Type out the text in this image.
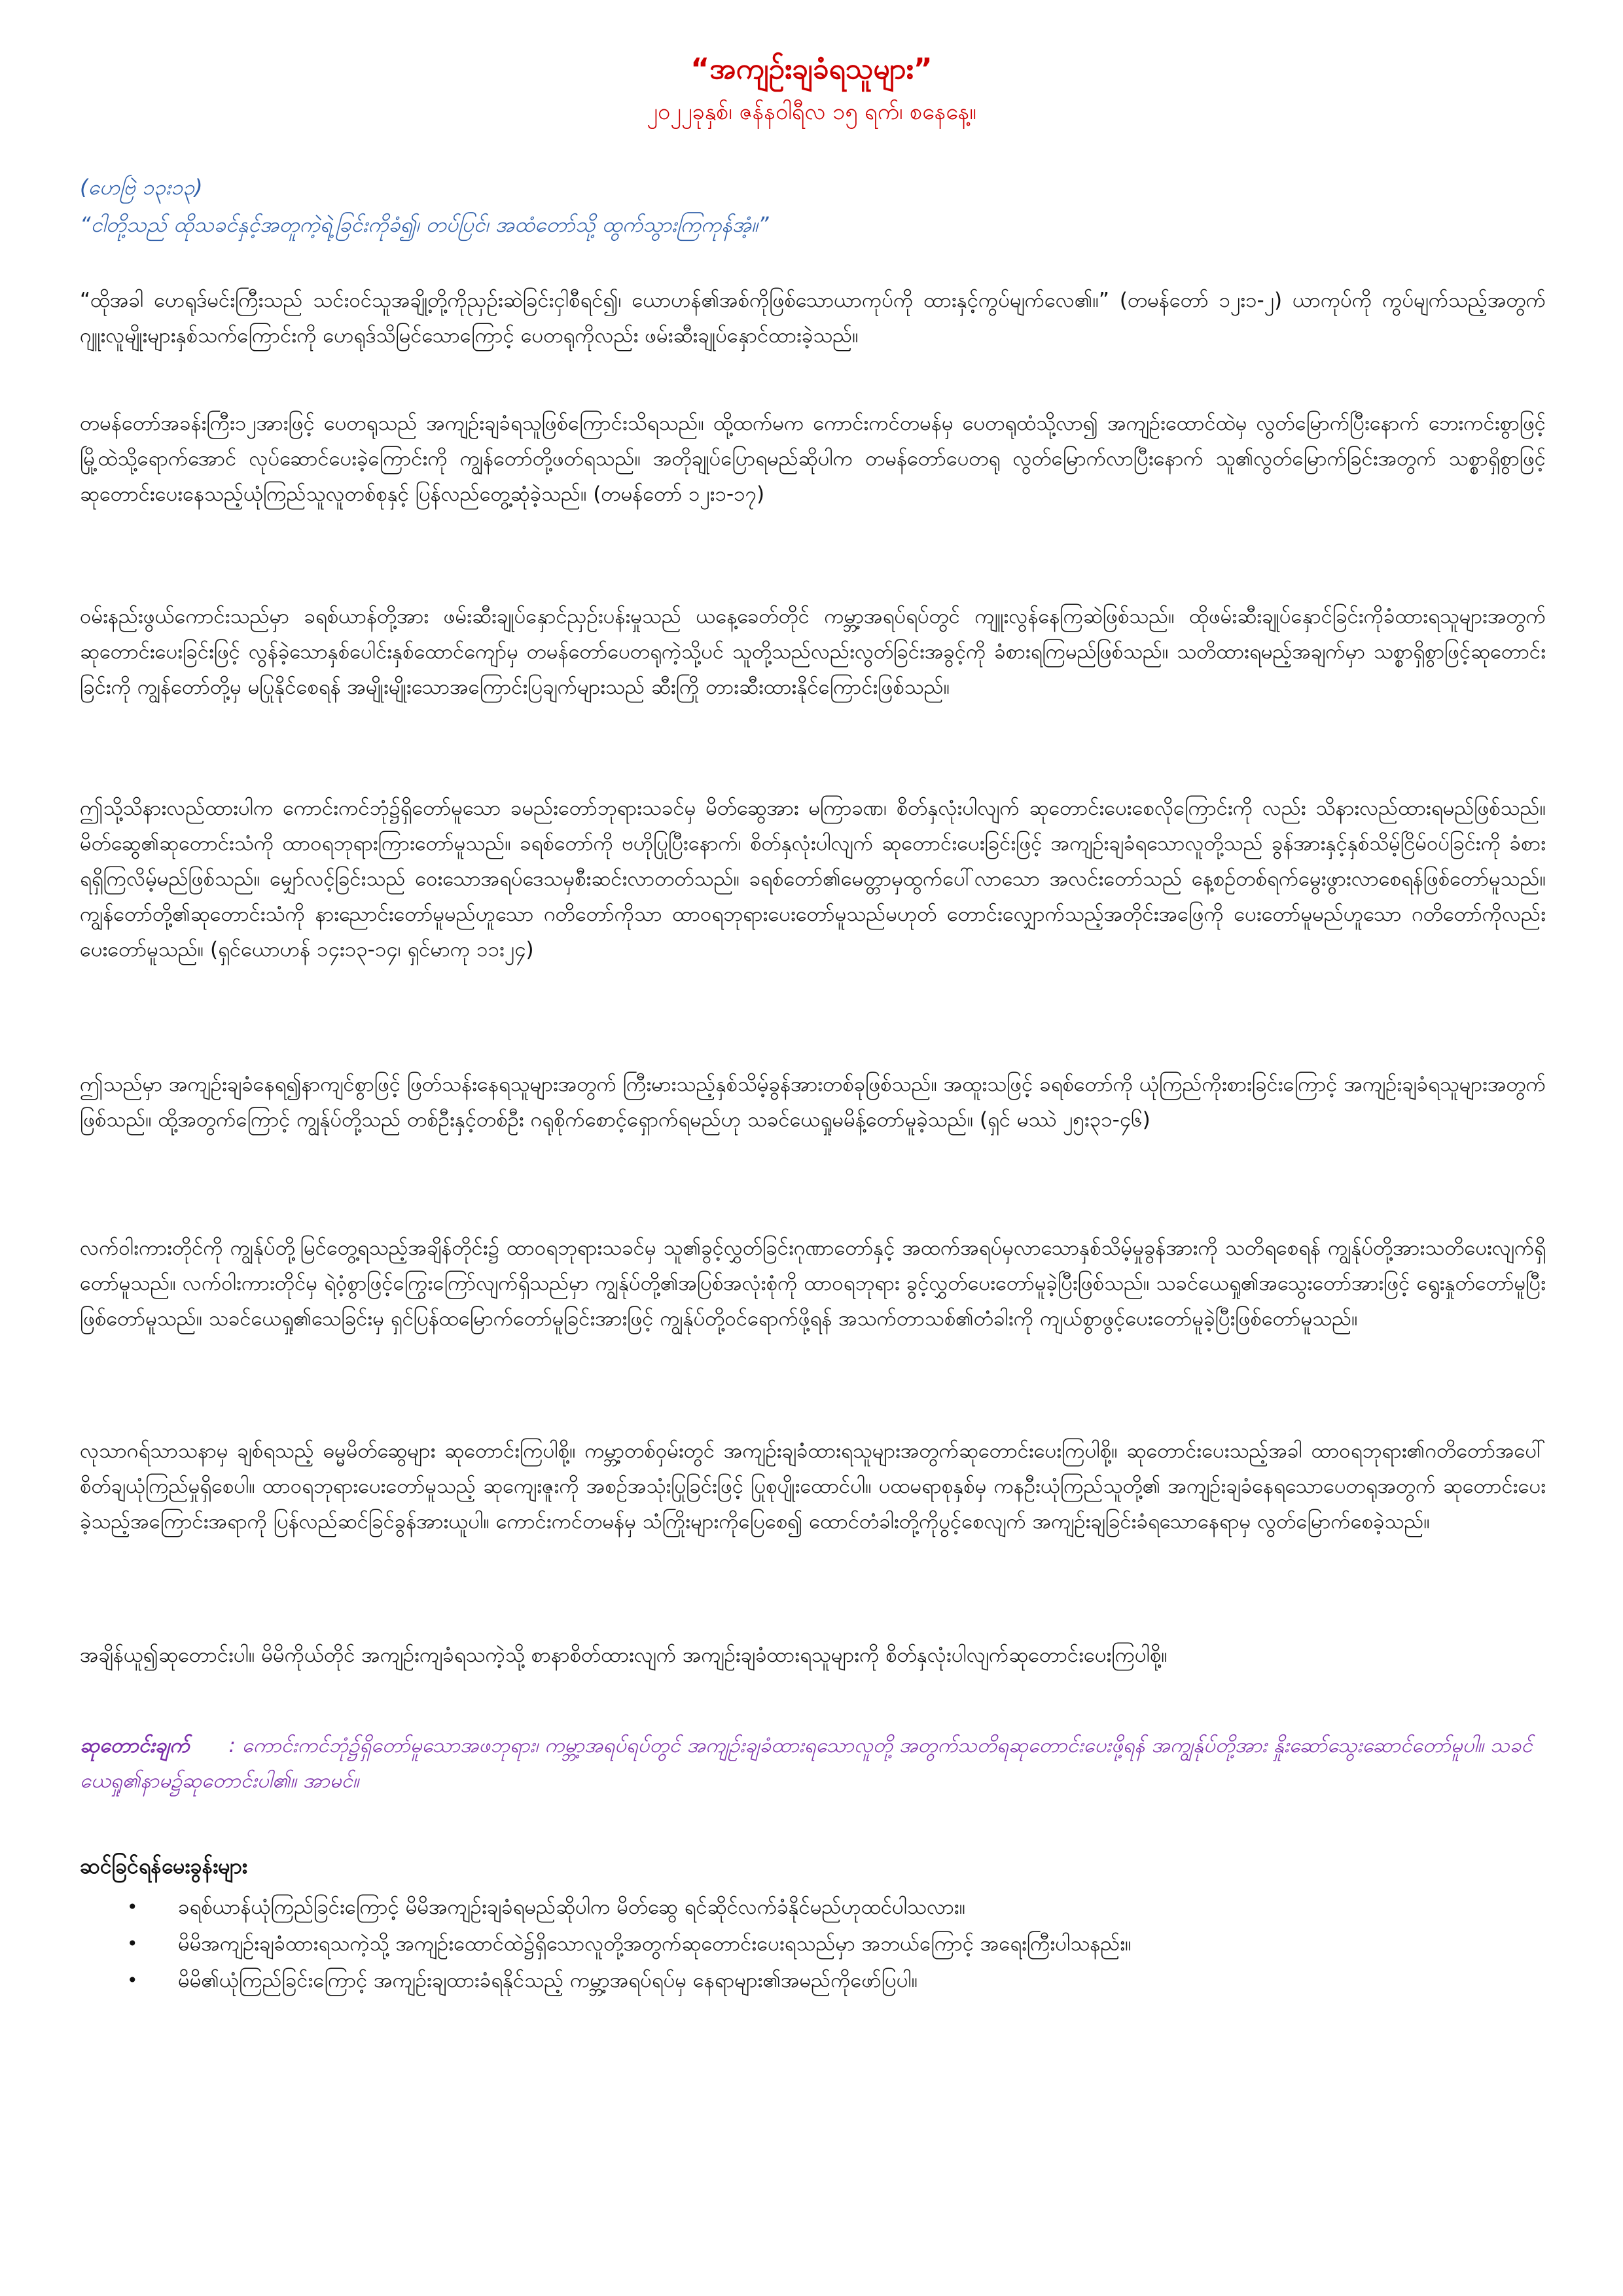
“အကျဉ်းချခံရသူများ”
၂၀၂၂ခုနှစ်၊ ဇန်နဝါရီလ ၁၅ ရက်၊ စနေနေ့။
(ဟေဗြဲ ၁၃း၁၃)
“ငါတို့သည် ထိုသခင်နှင့်အတူကဲ့ရဲ့ခြင်းကိုခံ၍၊ တပ်ပြင်၊ အထံတော်သို့ ထွက်သွားကြကုန်အံ့။”

“ထိုအခါ ဟေရုဒ်မင်းကြီးသည် သင်းဝင်သူအချို့တို့ကိုညှဉ်းဆဲခြင်းငှါစီရင်၍၊ ယောဟန်၏အစ်ကိုဖြစ်သောယာကုပ်ကို ထားနှင့်ကွပ်မျက်လေ၏။” (တမန်တော် ၁၂း၁-၂) ယာကုပ်ကို ကွပ်မျက်သည့်အတွက် ဂျူးလူမျိုးများနှစ်သက်ကြောင်းကို ဟေရုဒ်သိမြင်သောကြောင့် ပေတရုကိုလည်း ဖမ်းဆီးချုပ်နှောင်ထားခဲ့သည်။

တမန်တော်အခန်းကြီး၁၂အားဖြင့် ပေတရုသည် အကျဉ်းချခံရသူဖြစ်ကြောင်းသိရသည်။ ထို့ထက်မက ကောင်းကင်တမန်မှ ပေတရုထံသို့လာ၍ အကျဉ်းထောင်ထဲမှ လွတ်မြောက်ပြီးနောက် ဘေးကင်းစွာဖြင့် မြို့ထဲသို့ရောက်အောင် လုပ်ဆောင်ပေးခဲ့ကြောင်းကို ကျွန်တော်တို့ဖတ်ရသည်။ အတိုချုပ်ပြောရမည်ဆိုပါက တမန်တော်ပေတရု လွတ်မြောက်လာပြီးနောက် သူ၏လွတ်မြောက်ခြင်းအတွက် သစ္စာရှိစွာဖြင့်ဆုတောင်းပေးနေသည့်ယုံကြည်သူလူတစ်စုနှင့် ပြန်လည်တွေ့ဆုံခဲ့သည်။ (တမန်တော် ၁၂း၁-၁၇)

ဝမ်းနည်းဖွယ်ကောင်းသည်မှာ ခရစ်ယာန်တို့အား ဖမ်းဆီးချုပ်နှောင်ညှဉ်းပန်းမှုသည် ယနေ့ခေတ်တိုင် ကမ္ဘာ့အရပ်ရပ်တွင် ကျူးလွန်နေကြဆဲဖြစ်သည်။ ထိုဖမ်းဆီးချုပ်နှောင်ခြင်းကိုခံထားရသူများအတွက် ဆုတောင်းပေးခြင်းဖြင့် လွန်ခဲ့သောနှစ်ပေါင်းနှစ်ထောင်ကျော်မှ တမန်တော်ပေတရုကဲ့သို့ပင် သူတို့သည်လည်းလွတ်ခြင်းအခွင့်ကို ခံစားရကြမည်ဖြစ်သည်။ သတိထားရမည့်အချက်မှာ သစ္စာရှိစွာဖြင့်ဆုတောင်းခြင်းကို ကျွန်တော်တို့မှ မပြုနိုင်စေရန် အမျိုးမျိုးသောအကြောင်းပြချက်များသည် ဆီးကြို တားဆီးထားနိုင်ကြောင်းဖြစ်သည်။

ဤသို့သိနားလည်ထားပါက ကောင်းကင်ဘုံ၌ရှိတော်မူသော ခမည်းတော်ဘုရားသခင်မှ မိတ်ဆွေအား မကြာခဏ၊ စိတ်နှလုံးပါလျက် ဆုတောင်းပေးစေလိုကြောင်းကို လည်း သိနားလည်ထားရမည်ဖြစ်သည်။ မိတ်ဆွေ၏ဆုတောင်းသံကို ထာဝရဘုရားကြားတော်မူသည်။ ခရစ်တော်ကို ဗဟိုပြုပြီးနောက်၊ စိတ်နှလုံးပါလျက် ဆုတောင်းပေးခြင်းဖြင့် အကျဉ်းချခံရသောလူတို့သည် ခွန်အားနှင့်နှစ်သိမ့်ငြိမ်ဝပ်ခြင်းကို ခံစားရရှိကြလိမ့်မည်ဖြစ်သည်။ မျှော်လင့်ခြင်းသည် ဝေးသောအရပ်ဒေသမှစီးဆင်းလာတတ်သည်။ ခရစ်တော်၏မေတ္တာမှထွက်ပေါ်လာသော အလင်းတော်သည် နေ့စဉ်တစ်ရက်မွေးဖွားလာစေရန်ဖြစ်တော်မူသည်။ ကျွန်တော်တို့၏ဆုတောင်းသံကို နားညောင်းတော်မူမည်ဟူသော ဂတိတော်ကိုသာ ထာဝရဘုရားပေးတော်မူသည်မဟုတ် တောင်းလျှောက်သည့်အတိုင်းအဖြေကို ပေးတော်မူမည်ဟူသော ဂတိတော်ကိုလည်းပေးတော်မူသည်။ (ရှင်ယောဟန် ၁၄း၁၃-၁၄၊ ရှင်မာကု ၁၁း၂၄)

ဤသည်မှာ အကျဉ်းချခံနေရ၍နာကျင်စွာဖြင့် ဖြတ်သန်းနေရသူများအတွက် ကြီးမားသည့်နှစ်သိမ့်ခွန်အားတစ်ခုဖြစ်သည်။ အထူးသဖြင့် ခရစ်တော်ကို ယုံကြည်ကိုးစားခြင်းကြောင့် အကျဉ်းချခံရသူများအတွက်ဖြစ်သည်။ ထို့အတွက်ကြောင့် ကျွန်ုပ်တို့သည် တစ်ဦးနှင့်တစ်ဦး ဂရုစိုက်စောင့်ရှောက်ရမည်ဟု သခင်ယေရှုမမိန့်တော်မူခဲ့သည်။ (ရှင် မဿဲ ၂၅း၃၁-၄၆)

လက်ဝါးကားတိုင်ကို ကျွန်ုပ်တို့မြင်တွေ့ရသည့်အချိန်တိုင်း၌ ထာဝရဘုရားသခင်မှ သူ၏ခွင့်လွှတ်ခြင်းဂုဏာတော်နှင့် အထက်အရပ်မှလာသောနှစ်သိမ့်မှုခွန်အားကို သတိရစေရန် ကျွန်ုပ်တို့အားသတိပေးလျက်ရှိတော်မူသည်။ လက်ဝါးကားတိုင်မှ ရဲဝံ့စွာဖြင့်ကြွေးကြော်လျက်ရှိသည်မှာ ကျွန်ုပ်တို့၏အပြစ်အလုံးစုံကို ထာဝရဘုရား ခွင့်လွှတ်ပေးတော်မူခဲ့ပြီးဖြစ်သည်။ သခင်ယေရှု၏အသွေးတော်အားဖြင့် ရွေးနှုတ်တော်မူပြီးဖြစ်တော်မူသည်။ သခင်ယေရှု၏သေခြင်းမှ ရှင်ပြန်ထမြောက်တော်မူခြင်းအားဖြင့် ကျွန်ုပ်တို့ဝင်ရောက်ဖို့ရန် အသက်တာသစ်၏တံခါးကို ကျယ်စွာဖွင့်ပေးတော်မူခဲ့ပြီးဖြစ်တော်မူသည်။

လုသာဂရ်သာသနာမှ ချစ်ရသည့် ဓမ္မမိတ်ဆွေများ ဆုတောင်းကြပါစို့။ ကမ္ဘာ့တစ်ဝှမ်းတွင် အကျဉ်းချခံထားရသူများအတွက်ဆုတောင်းပေးကြပါစို့။ ဆုတောင်းပေးသည့်အခါ ထာဝရဘုရား၏ဂတိတော်အပေါ် စိတ်ချယုံကြည်မှုရှိစေပါ။ ထာဝရဘုရားပေးတော်မူသည့် ဆုကျေးဇူးကို အစဉ်အသုံးပြုခြင်းဖြင့် ပြုစုပျိုးထောင်ပါ။ ပထမရာစုနှစ်မှ ကနဦးယုံကြည်သူတို့၏ အကျဉ်းချခံနေရသောပေတရုအတွက် ဆုတောင်းပေးခဲ့သည့်အကြောင်းအရာကို ပြန်လည်ဆင်ခြင်ခွန်အားယူပါ။ ကောင်းကင်တမန်မှ သံကြိုးများကိုပြေစေ၍ ထောင်တံခါးတို့ကိုပွင့်စေလျက် အကျဉ်းချခြင်းခံရသောနေရာမှ လွတ်မြောက်စေခဲ့သည်။

အချိန်ယူ၍ဆုတောင်းပါ။ မိမိကိုယ်တိုင် အကျဉ်းကျခံရသကဲ့သို့ စာနာစိတ်ထားလျက် အကျဉ်းချခံထားရသူများကို စိတ်နှလုံးပါလျက်ဆုတောင်းပေးကြပါစို့။

ဆုတောင်းချက် : ကောင်းကင်ဘုံ၌ရှိတော်မူသောအဖဘုရား၊ ကမ္ဘာ့အရပ်ရပ်တွင် အကျဉ်းချခံထားရသောလူတို့ အတွက်သတိရဆုတောင်းပေးဖို့ရန် အကျွန်ုပ်တို့အား နှိုးဆော်သွေးဆောင်တော်မူပါ။ သခင်ယေရှု၏နာမ၌ဆုတောင်းပါ၏။ အာမင်။

ဆင်ခြင်ရန်မေးခွန်းများ
• ခရစ်ယာန်ယုံကြည်ခြင်းကြောင့် မိမိအကျဉ်းချခံရမည်ဆိုပါက မိတ်ဆွေ ရင်ဆိုင်လက်ခံနိုင်မည်ဟုထင်ပါသလား။
• မိမိအကျဉ်းချခံထားရသကဲ့သို့ အကျဉ်းထောင်ထဲ၌ရှိသောလူတို့အတွက်ဆုတောင်းပေးရသည်မှာ အဘယ်ကြောင့် အရေးကြီးပါသနည်း။
• မိမိ၏ယုံကြည်ခြင်းကြောင့် အကျဉ်းချထားခံရနိုင်သည့် ကမ္ဘာ့အရပ်ရပ်မှ နေရာများ၏အမည်ကိုဖော်ပြပါ။
